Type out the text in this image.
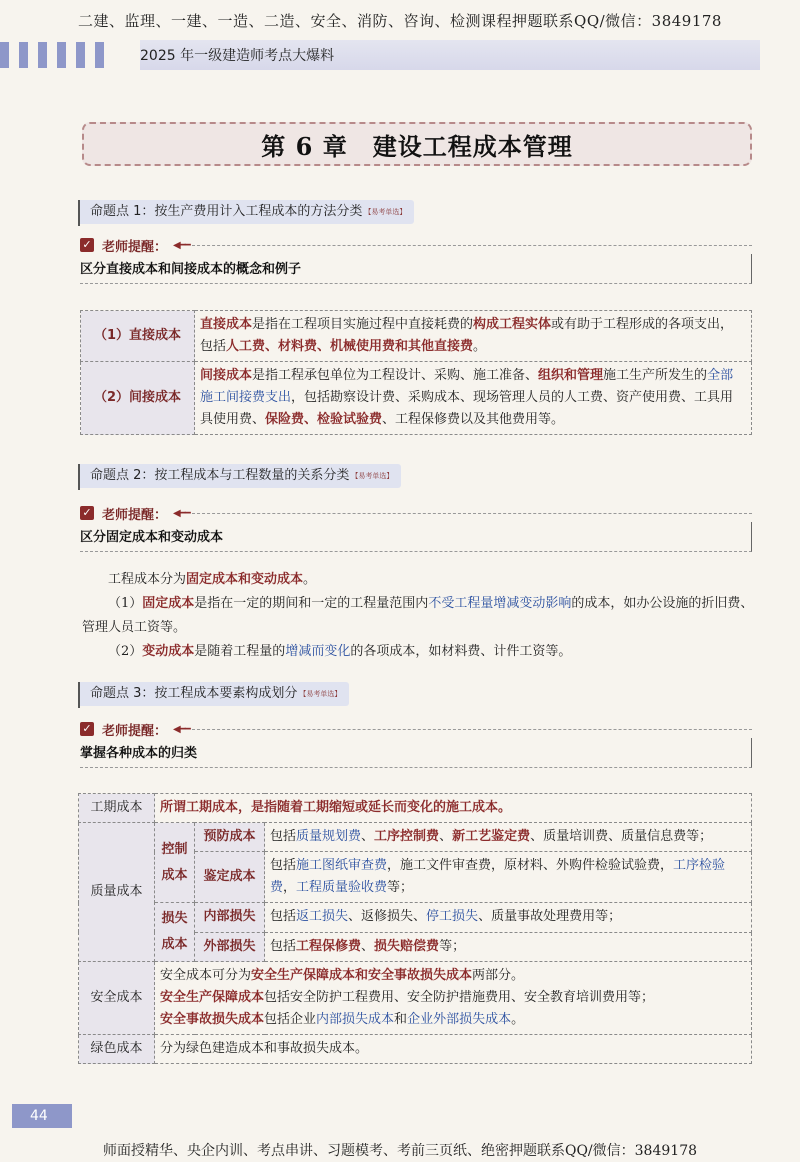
二建、监理、一建、一造、二造、安全、消防、咨询、检测课程押题联系QQ/微信：3849178
2025 年一级建造师考点大爆料
第 6 章　建设工程成本管理
命题点 1：按生产费用计入工程成本的方法分类 $^{【易考单选】}$
✓ 老师提醒： ◀━━
区分直接成本和间接成本的概念和例子
（1）直接成本	直接成本是指在工程项目实施过程中直接耗费的构成工程实体或有助于工程形成的各项支出，包括人工费、材料费、机械使用费和其他直接费。
（2）间接成本	间接成本是指工程承包单位为工程设计、采购、施工准备、组织和管理施工生产所发生的全部施工间接费支出，包括勘察设计费、采购成本、现场管理人员的人工费、资产使用费、工具用具使用费、保险费、检验试验费、工程保修费以及其他费用等。
命题点 2：按工程成本与工程数量的关系分类 $^{【易考单选】}$
✓ 老师提醒： ◀━━
区分固定成本和变动成本

工程成本分为固定成本和变动成本。

（1）固定成本是指在一定的期间和一定的工程量范围内不受工程量增减变动影响的成本，如办公设施的折旧费、管理人员工资等。

（2）变动成本是随着工程量的增减而变化的各项成本，如材料费、计件工资等。

命题点 3：按工程成本要素构成划分 $^{【易考单选】}$
✓ 老师提醒： ◀━━
掌握各种成本的归类
工期成本	所谓工期成本，是指随着工期缩短或延长而变化的施工成本。		
质量成本	控制成本	预防成本	包括质量规划费、工序控制费、新工艺鉴定费、质量培训费、质量信息费等；
		鉴定成本	包括施工图纸审查费，施工文件审查费，原材料、外购件检验试验费，工序检验费，工程质量验收费等；
	损失成本	内部损失	包括返工损失、返修损失、停工损失、质量事故处理费用等；
		外部损失	包括工程保修费、损失赔偿费等；
安全成本	安全成本可分为安全生产保障成本和安全事故损失成本两部分。
安全生产保障成本包括安全防护工程费用、安全防护措施费用、安全教育培训费用等；
安全事故损失成本包括企业内部损失成本和企业外部损失成本。		

绿色成本	分为绿色建造成本和事故损失成本。		
44
师面授精华、央企内训、考点串讲、习题模考、考前三页纸、绝密押题联系QQ/微信：3849178
